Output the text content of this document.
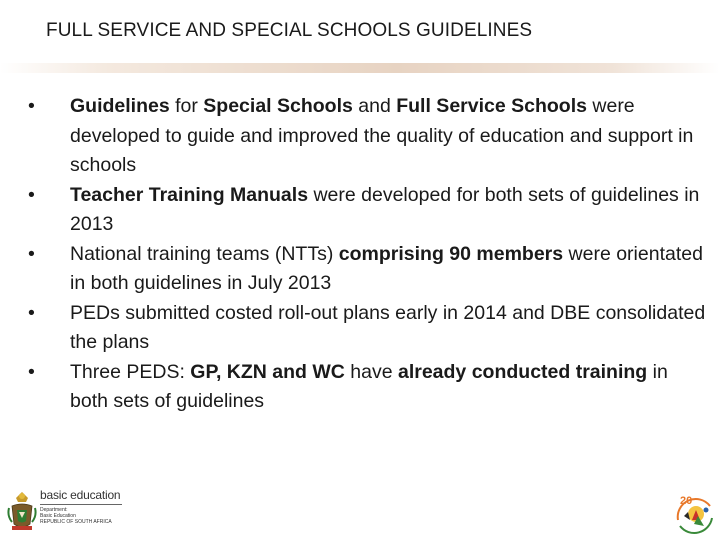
FULL SERVICE AND SPECIAL SCHOOLS GUIDELINES
•	Guidelines for Special Schools and Full Service Schools were developed to guide and improved the quality of education and support in schools
•	Teacher Training Manuals were developed for both sets of guidelines in 2013
•	National training teams (NTTs) comprising 90 members were orientated in both guidelines in July 2013
•	PEDs submitted costed roll-out plans early in 2014 and DBE consolidated the plans
•	Three PEDS: GP, KZN and WC have already conducted training in both sets of guidelines
basic education
Department:
Basic Education
REPUBLIC OF SOUTH AFRICA
20
